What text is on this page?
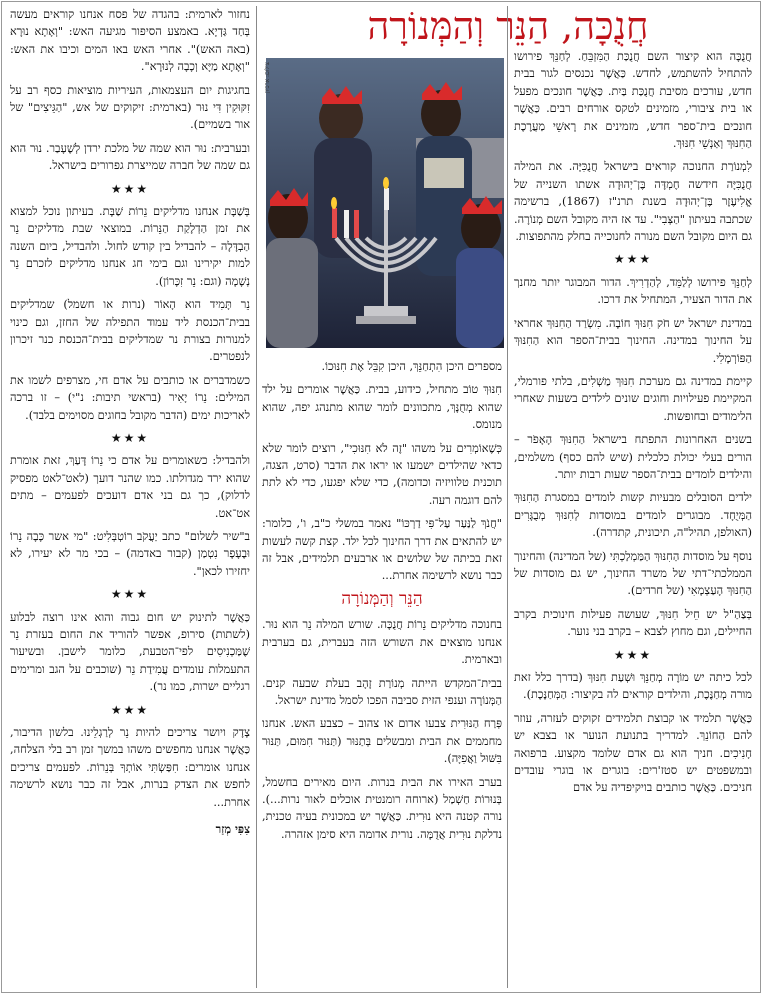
חֲנֻכָּה, הַנֵּר וְהַמְּנוֹרָה
צילום: ארכיון

חֲנֻכָּה הוא קיצור השם חֲנֻכַּת הַמִּזְבֵּחַ. לְחַנֵּךְ פירושו להתחיל להשתמש, לחדש. כַּאֲשֶׁר נכנסים לגור בבית חדש, עורכים מסיבת חֲנֻכַּת בַּיִת. כַּאֲשֶׁר חונכים מפעל או בית ציבורי, מזמינים לטקס אורחים רבים. כַּאֲשֶׁר חונכים בית־ספר חדש, מזמינים את רָאשֵׁי מַעֲרֶכֶת הַחִנּוּךְ וְאַנְשֵׁי חִנּוּךְ.

לִמְנוֹרַת החנוכה קוראים בישראל חֲנֻכִּיָּה. את המילה חֲנֻכִּיָּה חידשה חֶמְדָּה בֶּן־יְהוּדָה אשתו השנייה של אֱלִיעֶזֶר בֶּן־יְהוּדָה בשנת תרנ"ז (1867), ברשימה שכתבה בעיתון "הַצְּבִי". עד אז היה מקובל השם מְנוֹרָה. גם היום מקובל השם מנורה לחנוכייה בחלק מהתפוצות.

★★★

לְחַנֵּךְ פירושו לְלַמֵּד, לְהַדְרִיךְ. הדור המבוגר יותר מחנך את הדור הצעיר, המתחיל את דרכו.

במדינת ישראל יש חֹק חִנּוּךְ חוֹבָה. מִשְׂרַד הַחִנּוּךְ אחראי על החינוך במדינה. החינוך בבית־הספר הוא הַחִנּוּךְ הַפּוֹרְמָלִי.

קיימת במדינה גם מערכת חִנּוּךְ מַשְׁלִים, בלתי פורמלי, המקיימת פעילויות וחוגים שונים לילדים בשעות שאחרי הלימודים ובחופשות.

בשנים האחרונות התפתח בישראל הַחִנּוּךְ הָאָפֹר – הורים בעלי יכולת כלכלית (שיש להם כסף) משלמים, והילדים לומדים בבית־הספר שעות רבות יותר.

ילדים הסובלים מבעיות קשות לומדים במסגרת הַחִנּוּךְ הַמְּיֻחָד. מבוגרים לומדים במוסדות לְחִנּוּךְ מְבֻגָּרִים (האולפן, תהיל"ה, תיכונית, קתדרה).

נוסף על מוסדות הַחִנּוּךְ הַמַּמְלַכְתִּי (של המדינה) והחינוך הממלכתי־דתי של משרד החינוך, יש גם מוסדות של הַחִנּוּךְ הָעַצְמָאִי (של חרדים).

בְּצַהַ"ל יש חֵיל חִנּוּךְ, שעושה פעילות חינוכית בקרב החיילים, וגם מחוץ לצבא – בקרב בני נוער.

★★★

לכל כיתה יש מוֹרֶה מְחַנֵּךְ וּשְׁעַת חִנּוּךְ (בדרך כלל זאת מורה מְחַנֶּכֶת, והילדים קוראים לה בקיצור: הַמְּחַנֶּכֶת).

כַּאֲשֶׁר תלמיד או קבוצת תלמידים זקוקים לעזרה, עוזר להם הַחוֹנֵךְ. למדריך בתנועת הנוער או בצבא יש חָנִיכִים. חניך הוא גם אדם שלומד מקצוע. ברפואה ובמשפטים יש סטז'רים: בוגרים או בוגרי עובדים חניכים. כַּאֲשֶׁר כותבים בויקיפדיה על אדם

מספרים היכן הִתְחַנֵּךְ, היכן קִבֵּל אֶת חִנּוּכוֹ.

חִנּוּךְ טוֹב מתחיל, כידוע, בבית. כַּאֲשֶׁר אומרים על ילד שהוא מְחֻנָּךְ, מתכוונים לומר שהוא מתנהג יפה, שהוא מנומס.

כְּשֶׁאוֹמְרִים על משהו "זֶה לֹא חִנּוּכִי", רוצים לומר שלא כדאי שהילדים ישמעו או יראו את הדבר (סרט, הצגה, תוכנית טלוויזיה וכדומה), כדי שלא יפגעו, כדי לא לתת להם דוגמה רעה.

"חֲנֹךְ לַנַּעַר עַל־פִּי דַרְכּוֹ" נאמר במשלי כ"ב, ו', כלומר: יש להתאים את דרך החינוך לכל ילד. קצת קשה לעשות זאת בכיתה של שלושים או ארבעים תלמידים, אבל זה כבר נושא לרשימה אחרת...

הַנֵּר וְהַמְּנוֹרָה

בחנוכה מדליקים נֵרוֹת חֲנֻכָּה. שורש המילה נֵר הוא נוּר. אנחנו מוצאים את השורש הזה בעברית, גם בערבית ובארמית.

בבית־המקדש הייתה מְנוֹרַת זָהָב בעלת שבעה קנים. הַמְּנוֹרָה וענפי הזית סביבה הפכו לסמל מדינת ישראל.

פְּרַח הַנּוּרִית צבעו אדום או צהוב – כצבע האש. אנחנו מחממים את הבית ומבשלים בְּתַנּוּר (תַּנּוּר חִמּוּם, תַּנּוּר בִּשּׁוּל וַאֲפִיָּה).

בערב האירו את הבית בנרות. היום מאירים בחשמל, בְּנוּרוֹת חַשְׁמַל (ארוחה רומנטית אוכלים לאור נרות...). נורה קטנה היא נוּרִית. כַּאֲשֶׁר יש במכונית בעיה טכנית, נדלקת נוּרִית אֲדֻמָּה. נורית אדומה היא סימן אזהרה.

נחזור לארמית: בהגדה של פסח אנחנו קוראים מעשה בְּחַד גַּדְיָא. באמצע הסיפור מגיעה האש: "וְאָתָא נוּרָא (באה האש)". אחרי האש באו המים וכיבו את האש: "וְאָתָא מַיָּא וְכָבָה לְנוּרָא".

בחגיגות יום העצמאות, העיריות מוציאות כסף רב על זִקּוּקִין דִּי נוּר (בארמית: זיקוקים של אש, "הַגֵּיצִים" של אור בשמיים).

ובערבית: נוּר הוא שמה של מלכת ירדן לְשֶׁעָבַר. נוּר הוא גם שמה של חברה שמייצרת גפרורים בישראל.

★★★

בְּשַׁבָּת אנחנו מדליקים נֵרוֹת שַׁבָּת. בעיתון נוכל למצוא את זמן הַדְלָקַת הַנֵּרוֹת. במוצאי שבת מדליקים נֵר הַבְדָּלָה – להבדיל בין קודש לחול. ולהבדיל, ביום השנה למות יקירינו וגם בימי חג אנחנו מדליקים לזכרם נֵר נְשָׁמָה (וגם: נֵר זִכָּרוֹן).

נֵר תָּמִיד הוא הָאוֹר (נרות או חשמל) שמדליקים בבית־הכנסת ליד עמוד התפילה של החזן, וגם כינוי למנורות בצורת נר שמדליקים בבית־הכנסת כנר זיכרון לנפטרים.

כשמדברים או כותבים על אדם חי, מצרפים לשמו את המילים: נֵרוֹ יָאִיר (בראשי תיבות: נ"י) – זו ברכה לאריכות ימים (הדבר מקובל בחוגים מסוימים בלבד).

★★★

ולהבדיל: כשאומרים על אדם כי נֵרוֹ דָּעַךְ, זאת אומרת שהוא ירד מגדולתו. כמו שהנר דועך (לאט־לאט מפסיק לדלוק), כך גם בני אדם דועכים לפעמים – מתים אט־אט.

ב"שיר לשלום" כתב יַעֲקֹב רוֹטְבְּלִיט: "מי אשר כָּבָה נֵרוֹ וּבֶעָפָר נִטְמַן (קבור באדמה) – בכי מר לא יעירו, לא יחזירו לכאן".

★★★

כַּאֲשֶׁר לתינוק יש חום גבוה והוא אינו רוצה לבלוע (לשתות) סירופ, אפשר להוריד את החום בעזרת נֵר שֶׁמַּכְנִיסִים לפי־הטבעת, כלומר לישבן. ובשיעור התעמלות עומדים עֲמִידַת נֵר (שוכבים על הגב ומרימים רגליים ישרות, כמו נר).

★★★

צָדָק ויושר צריכים להיות נֵר לְרַגְלֵינוּ. בלשון הדיבור, כַּאֲשֶׁר אנחנו מחפשים משהו במשך זמן רב בלי הצלחה, אנחנו אומרים: חִפַּשְׂתִּי אוֹתְךָ בְּנֵרוֹת. לפעמים צריכים לחפש את הצדק בנרות, אבל זה כבר נושא לרשימה אחרת...

צִפִּי מְזַר
